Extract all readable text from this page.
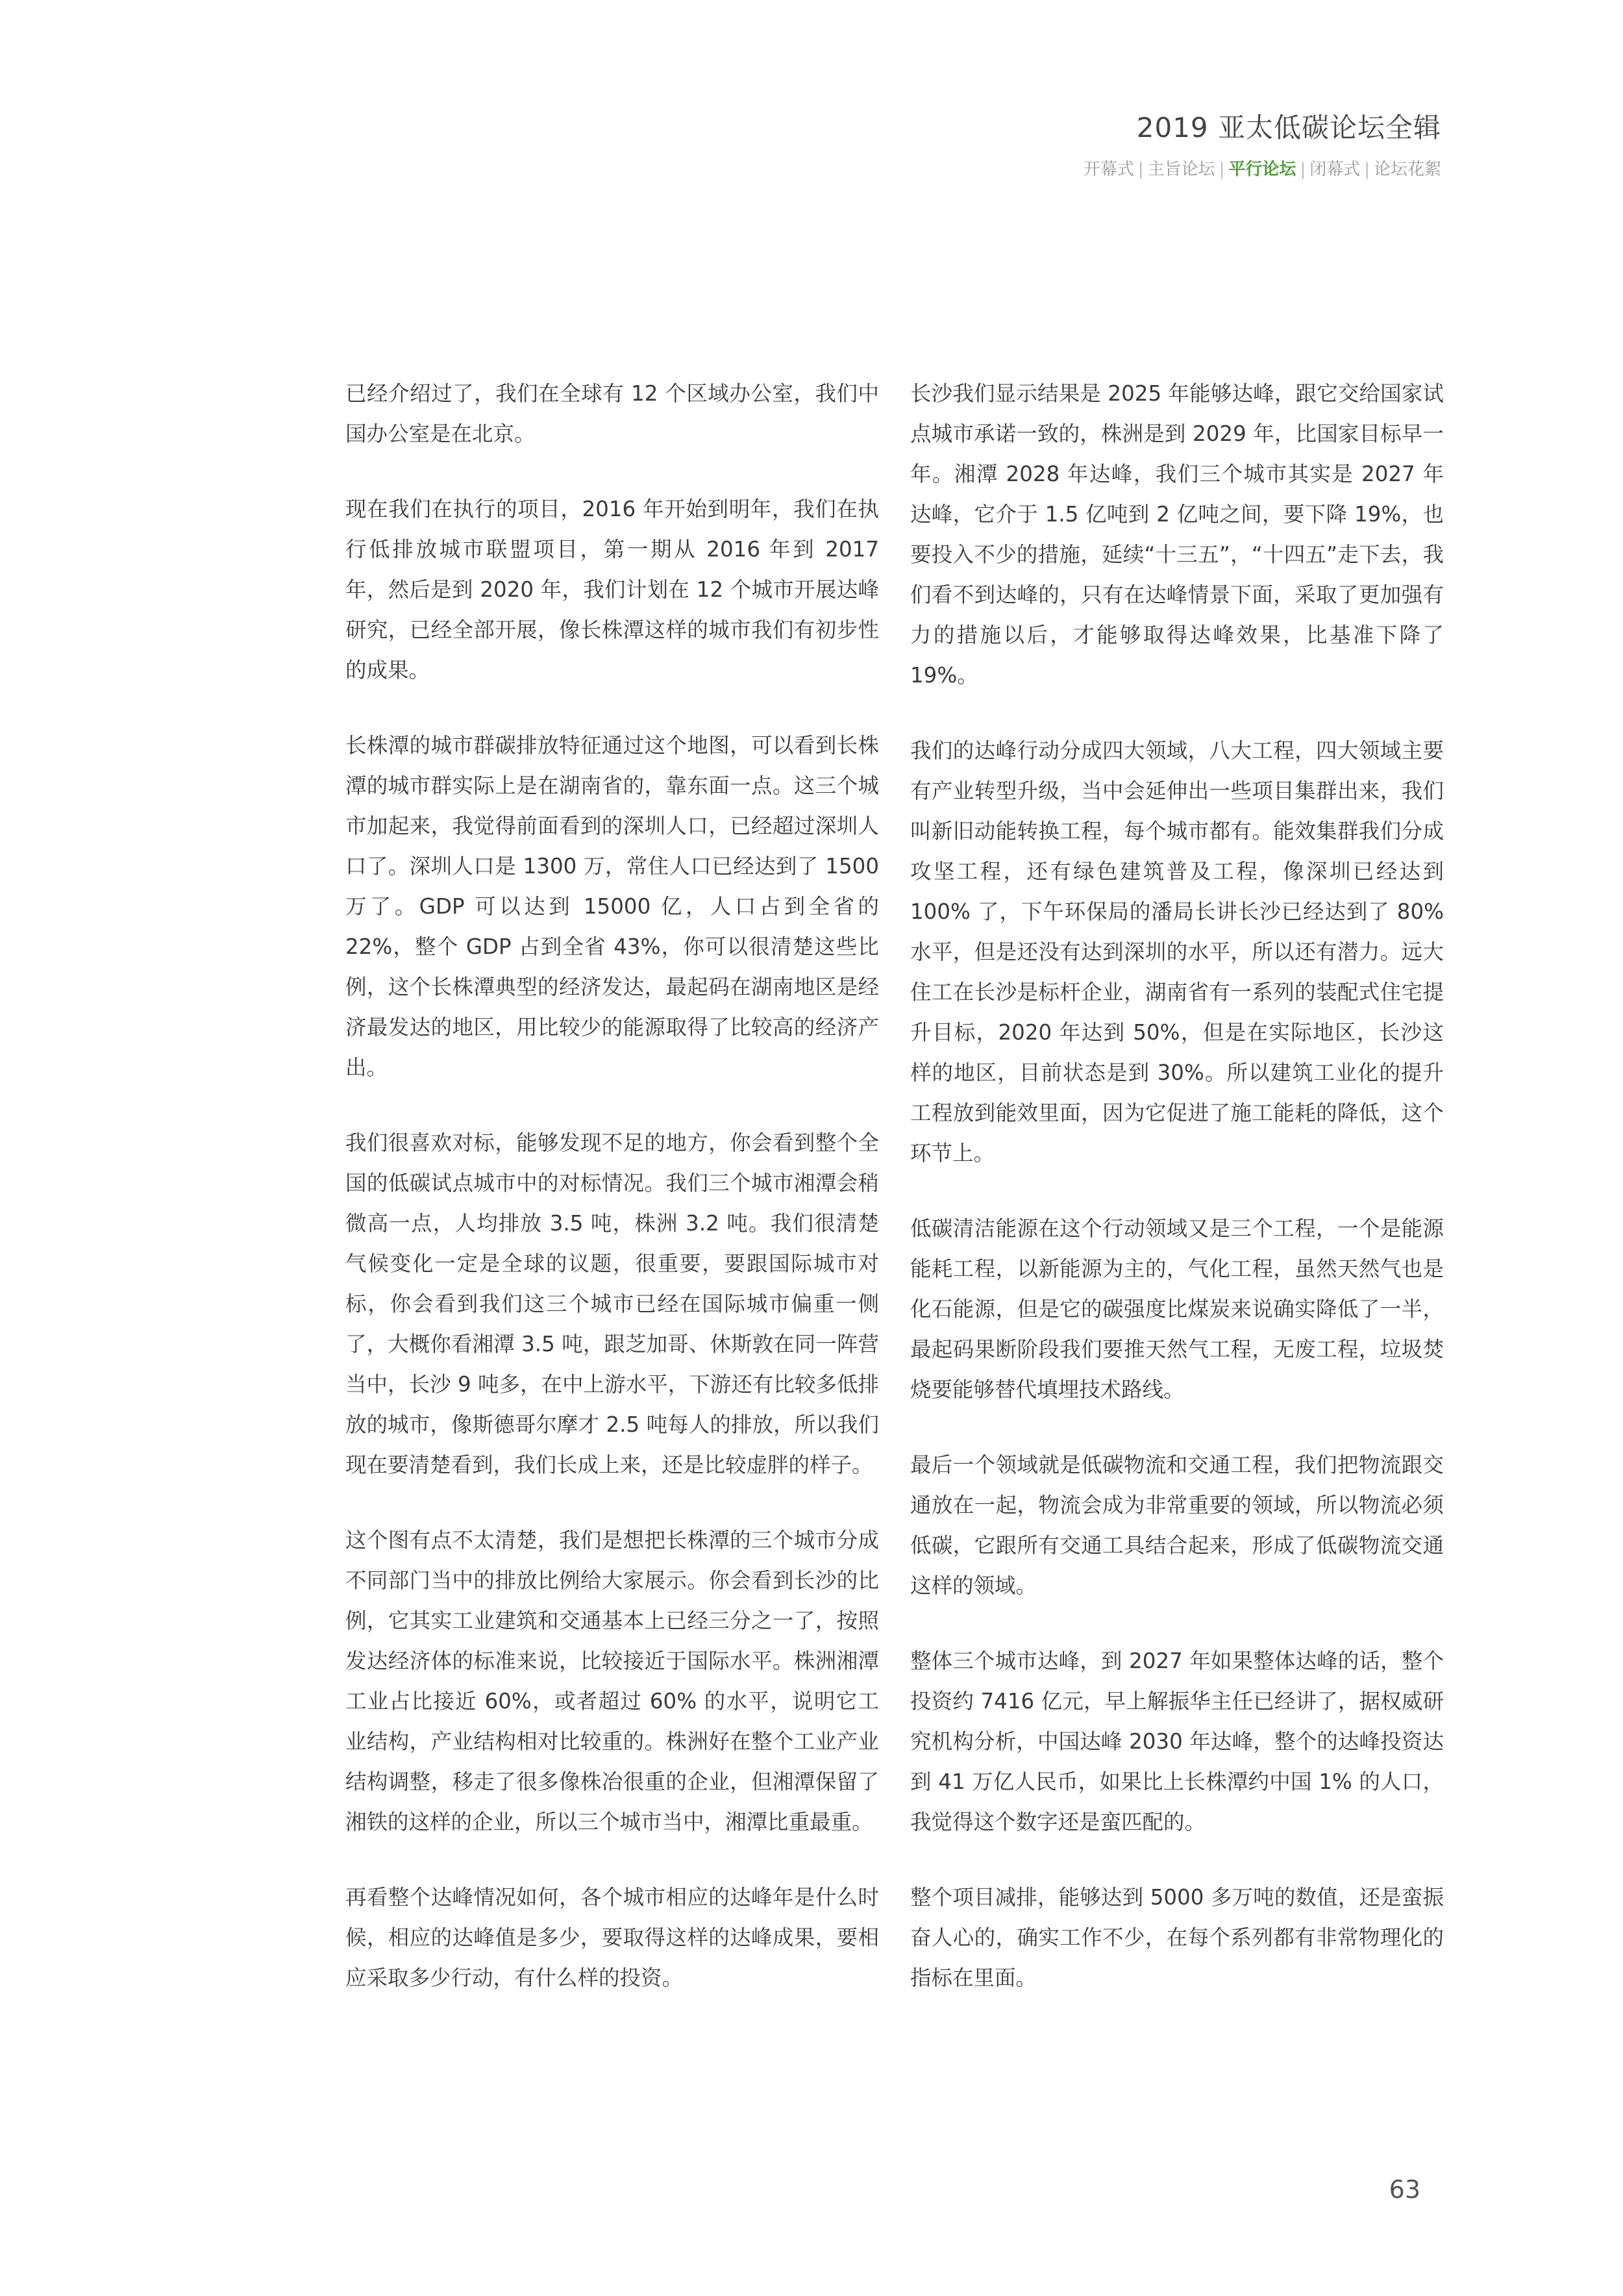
2019 亚太低碳论坛全辑
开幕式 | 主旨论坛 | 平行论坛 | 闭幕式 | 论坛花絮

已经介绍过了，我们在全球有 12 个区域办公室，我们中国办公室是在北京。

现在我们在执行的项目，2016 年开始到明年，我们在执行低排放城市联盟项目，第一期从 2016 年到 2017 年，然后是到 2020 年，我们计划在 12 个城市开展达峰研究，已经全部开展，像长株潭这样的城市我们有初步性的成果。

长株潭的城市群碳排放特征通过这个地图，可以看到长株潭的城市群实际上是在湖南省的，靠东面一点。这三个城市加起来，我觉得前面看到的深圳人口，已经超过深圳人口了。深圳人口是 1300 万，常住人口已经达到了 1500 万了。GDP 可以达到 15000 亿，人口占到全省的 22%，整个 GDP 占到全省 43%，你可以很清楚这些比例，这个长株潭典型的经济发达，最起码在湖南地区是经济最发达的地区，用比较少的能源取得了比较高的经济产出。

我们很喜欢对标，能够发现不足的地方，你会看到整个全国的低碳试点城市中的对标情况。我们三个城市湘潭会稍微高一点，人均排放 3.5 吨，株洲 3.2 吨。我们很清楚气候变化一定是全球的议题，很重要，要跟国际城市对标，你会看到我们这三个城市已经在国际城市偏重一侧了，大概你看湘潭 3.5 吨，跟芝加哥、休斯敦在同一阵营当中，长沙 9 吨多，在中上游水平，下游还有比较多低排放的城市，像斯德哥尔摩才 2.5 吨每人的排放，所以我们现在要清楚看到，我们长成上来，还是比较虚胖的样子。

这个图有点不太清楚，我们是想把长株潭的三个城市分成不同部门当中的排放比例给大家展示。你会看到长沙的比例，它其实工业建筑和交通基本上已经三分之一了，按照发达经济体的标准来说，比较接近于国际水平。株洲湘潭工业占比接近 60%，或者超过 60% 的水平，说明它工业结构，产业结构相对比较重的。株洲好在整个工业产业结构调整，移走了很多像株冶很重的企业，但湘潭保留了湘铁的这样的企业，所以三个城市当中，湘潭比重最重。

再看整个达峰情况如何，各个城市相应的达峰年是什么时候，相应的达峰值是多少，要取得这样的达峰成果，要相应采取多少行动，有什么样的投资。

长沙我们显示结果是 2025 年能够达峰，跟它交给国家试点城市承诺一致的，株洲是到 2029 年，比国家目标早一年。湘潭 2028 年达峰，我们三个城市其实是 2027 年达峰，它介于 1.5 亿吨到 2 亿吨之间，要下降 19%，也要投入不少的措施，延续“十三五”，“十四五”走下去，我们看不到达峰的，只有在达峰情景下面，采取了更加强有力的措施以后，才能够取得达峰效果，比基准下降了 19%。

我们的达峰行动分成四大领域，八大工程，四大领域主要有产业转型升级，当中会延伸出一些项目集群出来，我们叫新旧动能转换工程，每个城市都有。能效集群我们分成攻坚工程，还有绿色建筑普及工程，像深圳已经达到 100% 了，下午环保局的潘局长讲长沙已经达到了 80% 水平，但是还没有达到深圳的水平，所以还有潜力。远大住工在长沙是标杆企业，湖南省有一系列的装配式住宅提升目标，2020 年达到 50%，但是在实际地区，长沙这样的地区，目前状态是到 30%。所以建筑工业化的提升工程放到能效里面，因为它促进了施工能耗的降低，这个环节上。

低碳清洁能源在这个行动领域又是三个工程，一个是能源能耗工程，以新能源为主的，气化工程，虽然天然气也是化石能源，但是它的碳强度比煤炭来说确实降低了一半，最起码果断阶段我们要推天然气工程，无废工程，垃圾焚烧要能够替代填埋技术路线。

最后一个领域就是低碳物流和交通工程，我们把物流跟交通放在一起，物流会成为非常重要的领域，所以物流必须低碳，它跟所有交通工具结合起来，形成了低碳物流交通这样的领域。

整体三个城市达峰，到 2027 年如果整体达峰的话，整个投资约 7416 亿元，早上解振华主任已经讲了，据权威研究机构分析，中国达峰 2030 年达峰，整个的达峰投资达到 41 万亿人民币，如果比上长株潭约中国 1% 的人口，我觉得这个数字还是蛮匹配的。

整个项目减排，能够达到 5000 多万吨的数值，还是蛮振奋人心的，确实工作不少，在每个系列都有非常物理化的指标在里面。

63
